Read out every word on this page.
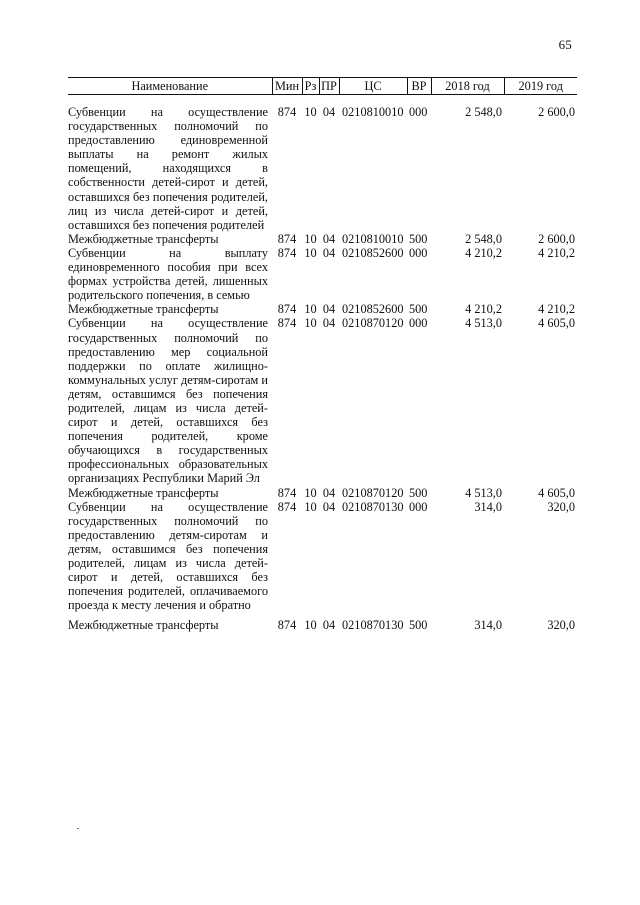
65
Наименование	Мин	Рз	ПР	ЦС	ВР	2018 год	2019 год
Субвенции на осуществление государственных полномочий по предоставлению единовременной выплаты на ремонт жилых помещений, находящихся в собственности детей-сирот и детей, оставшихся без попечения родителей, лиц из числа детей-сирот и детей, оставшихся без попечения родителей	874	10	04	0210810010	000	2 548,0	2 600,0
Межбюджетные трансферты	874	10	04	0210810010	500	2 548,0	2 600,0
Субвенции на выплату единовременного пособия при всех формах устройства детей, лишенных родительского попечения, в семью	874	10	04	0210852600	000	4 210,2	4 210,2
Межбюджетные трансферты	874	10	04	0210852600	500	4 210,2	4 210,2
Субвенции на осуществление государственных полномочий по предоставлению мер социальной поддержки по оплате жилищно-коммунальных услуг детям-сиротам и детям, оставшимся без попечения родителей, лицам из числа детей-сирот и детей, оставшихся без попечения родителей, кроме обучающихся в государственных профессиональных образовательных организациях Республики Марий Эл	874	10	04	0210870120	000	4 513,0	4 605,0
Межбюджетные трансферты	874	10	04	0210870120	500	4 513,0	4 605,0
Субвенции на осуществление государственных полномочий по предоставлению детям-сиротам и детям, оставшимся без попечения родителей, лицам из числа детей-сирот и детей, оставшихся без попечения родителей, оплачиваемого проезда к месту лечения и обратно	874	10	04	0210870130	000	314,0	320,0

Межбюджетные трансферты	874	10	04	0210870130	500	314,0	320,0
